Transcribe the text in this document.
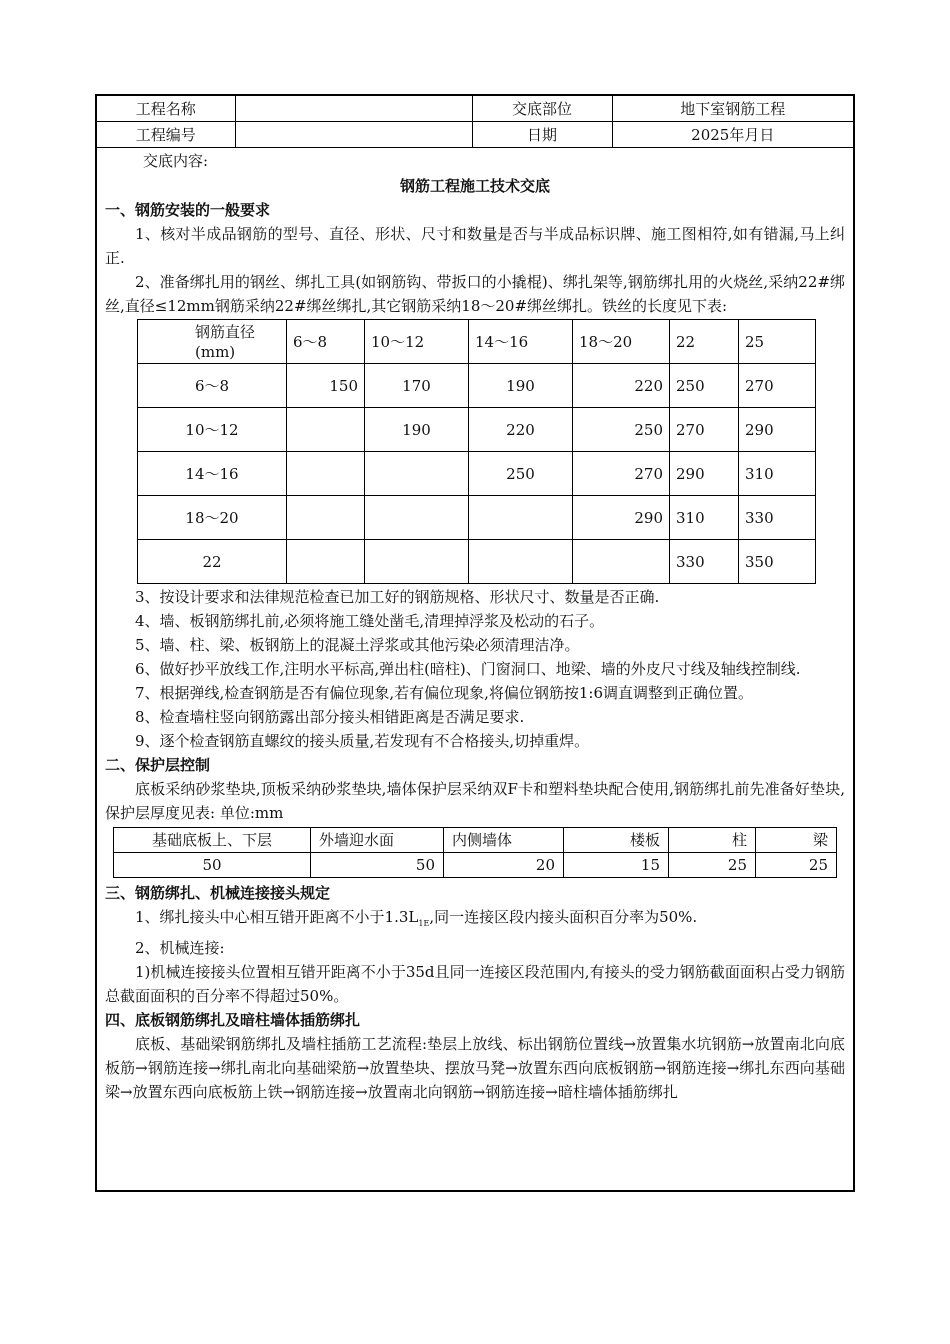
工程名称		交底部位	地下室钢筋工程
工程编号		日期	2025年月日
交底内容:
钢筋工程施工技术交底
一、钢筋安装的一般要求

1、核对半成品钢筋的型号、直径、形状、尺寸和数量是否与半成品标识牌、施工图相符,如有错漏,马上纠正.

2、准备绑扎用的钢丝、绑扎工具(如钢筋钩、带扳口的小撬棍)、绑扎架等,钢筋绑扎用的火烧丝,采纳22#绑丝,直径≤12mm钢筋采纳22#绑丝绑扎,其它钢筋采纳18～20#绑丝绑扎。铁丝的长度见下表:

钢筋直径(mm)	6～8	10～12	14～16	18～20	22	25
6～8	150	170	190	220	250	270
10～12		190	220	250	270	290
14～16			250	270	290	310
18～20				290	310	330
22					330	350

3、按设计要求和法律规范检查已加工好的钢筋规格、形状尺寸、数量是否正确.

4、墙、板钢筋绑扎前,必须将施工缝处凿毛,清理掉浮浆及松动的石子。

5、墙、柱、梁、板钢筋上的混凝土浮浆或其他污染必须清理洁净。

6、做好抄平放线工作,注明水平标高,弹出柱(暗柱)、门窗洞口、地梁、墙的外皮尺寸线及轴线控制线.

7、根据弹线,检查钢筋是否有偏位现象,若有偏位现象,将偏位钢筋按1:6调直调整到正确位置。

8、检查墙柱竖向钢筋露出部分接头相错距离是否满足要求.

9、逐个检查钢筋直螺纹的接头质量,若发现有不合格接头,切掉重焊。

二、保护层控制

底板采纳砂浆垫块,顶板采纳砂浆垫块,墙体保护层采纳双F卡和塑料垫块配合使用,钢筋绑扎前先准备好垫块,保护层厚度见表: 单位:mm

基础底板上、下层	外墙迎水面	内侧墙体	楼板	柱	梁
50	50	20	15	25	25
三、钢筋绑扎、机械连接接头规定

1、绑扎接头中心相互错开距离不小于$1.3L_{1E}$,同一连接区段内接头面积百分率为50%.

2、机械连接:

1)机械连接接头位置相互错开距离不小于35d且同一连接区段范围内,有接头的受力钢筋截面面积占受力钢筋总截面面积的百分率不得超过50%。

四、底板钢筋绑扎及暗柱墙体插筋绑扎

底板、基础梁钢筋绑扎及墙柱插筋工艺流程:垫层上放线、标出钢筋位置线→放置集水坑钢筋→放置南北向底板筋→钢筋连接→绑扎南北向基础梁筋→放置垫块、摆放马凳→放置东西向底板钢筋→钢筋连接→绑扎东西向基础梁→放置东西向底板筋上铁→钢筋连接→放置南北向钢筋→钢筋连接→暗柱墙体插筋绑扎
